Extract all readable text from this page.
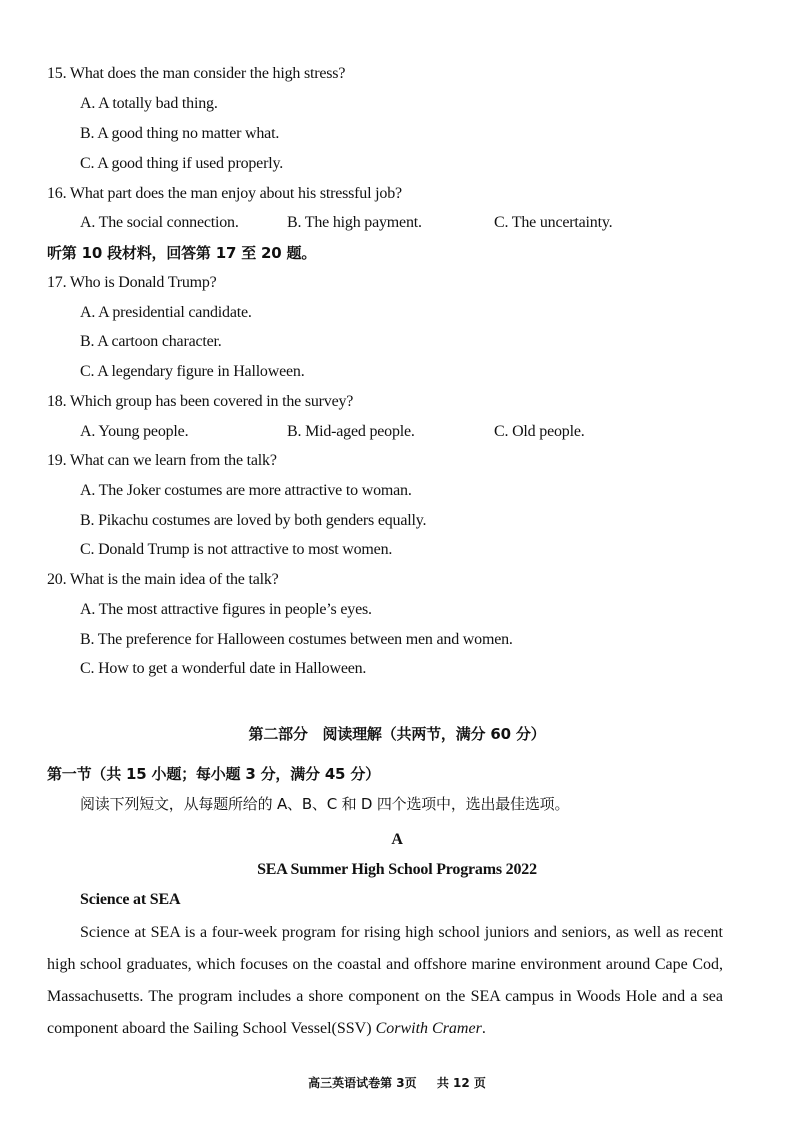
15. What does the man consider the high stress?
A. A totally bad thing.
B. A good thing no matter what.
C. A good thing if used properly.
16. What part does the man enjoy about his stressful job?
A. The social connection.	B. The high payment.	C. The uncertainty.
听第 10 段材料，回答第 17 至 20 题。
17. Who is Donald Trump?
A. A presidential candidate.
B. A cartoon character.
C. A legendary figure in Halloween.
18. Which group has been covered in the survey?
A. Young people.	B. Mid-aged people.	C. Old people.
19. What can we learn from the talk?
A. The Joker costumes are more attractive to woman.
B. Pikachu costumes are loved by both genders equally.
C. Donald Trump is not attractive to most women.
20. What is the main idea of the talk?
A. The most attractive figures in people’s eyes.
B. The preference for Halloween costumes between men and women.
C. How to get a wonderful date in Halloween.
第二部分　阅读理解（共两节，满分 60 分）
第一节（共 15 小题；每小题 3 分，满分 45 分）
阅读下列短文，从每题所给的 A、B、C 和 D 四个选项中，选出最佳选项。
A
SEA Summer High School Programs 2022
Science at SEA
Science at SEA is a four-week program for rising high school juniors and seniors, as well as recent high school graduates, which focuses on the coastal and offshore marine environment around Cape Cod, Massachusetts. The program includes a shore component on the SEA campus in Woods Hole and a sea component aboard the Sailing School Vessel(SSV) Corwith Cramer.
高三英语试卷第 3页 共 12 页
